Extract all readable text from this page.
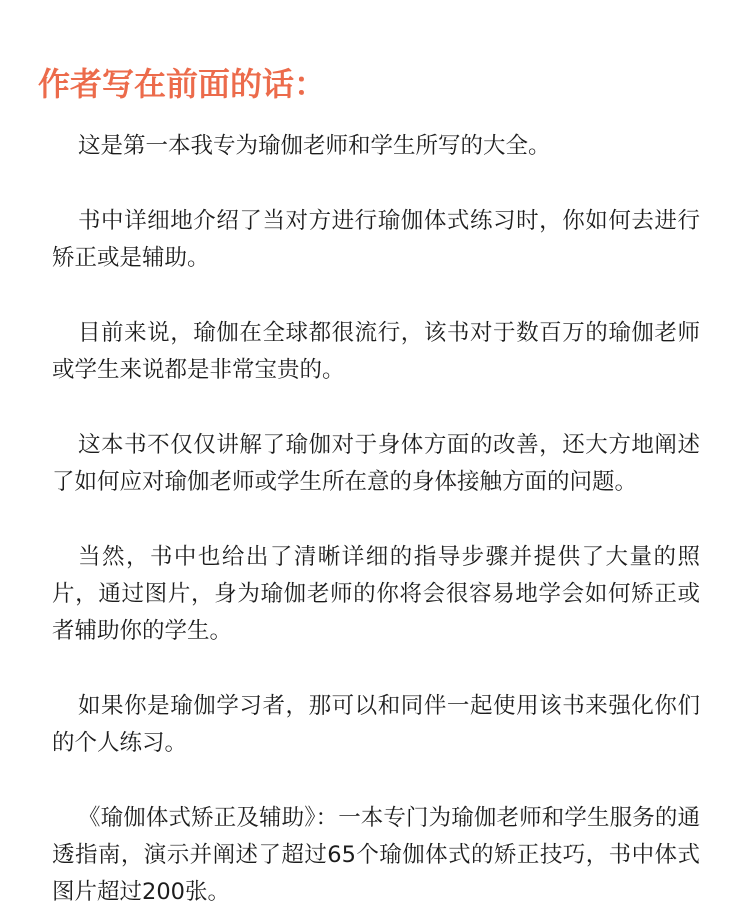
作者写在前面的话：

这是第一本我专为瑜伽老师和学生所写的大全。

书中详细地介绍了当对方进行瑜伽体式练习时，你如何去进行矫正或是辅助。

目前来说，瑜伽在全球都很流行，该书对于数百万的瑜伽老师或学生来说都是非常宝贵的。

这本书不仅仅讲解了瑜伽对于身体方面的改善，还大方地阐述了如何应对瑜伽老师或学生所在意的身体接触方面的问题。

当然，书中也给出了清晰详细的指导步骤并提供了大量的照片，通过图片，身为瑜伽老师的你将会很容易地学会如何矫正或者辅助你的学生。

如果你是瑜伽学习者，那可以和同伴一起使用该书来强化你们的个人练习。

《瑜伽体式矫正及辅助》：一本专门为瑜伽老师和学生服务的通透指南，演示并阐述了超过65个瑜伽体式的矫正技巧，书中体式图片超过200张。
